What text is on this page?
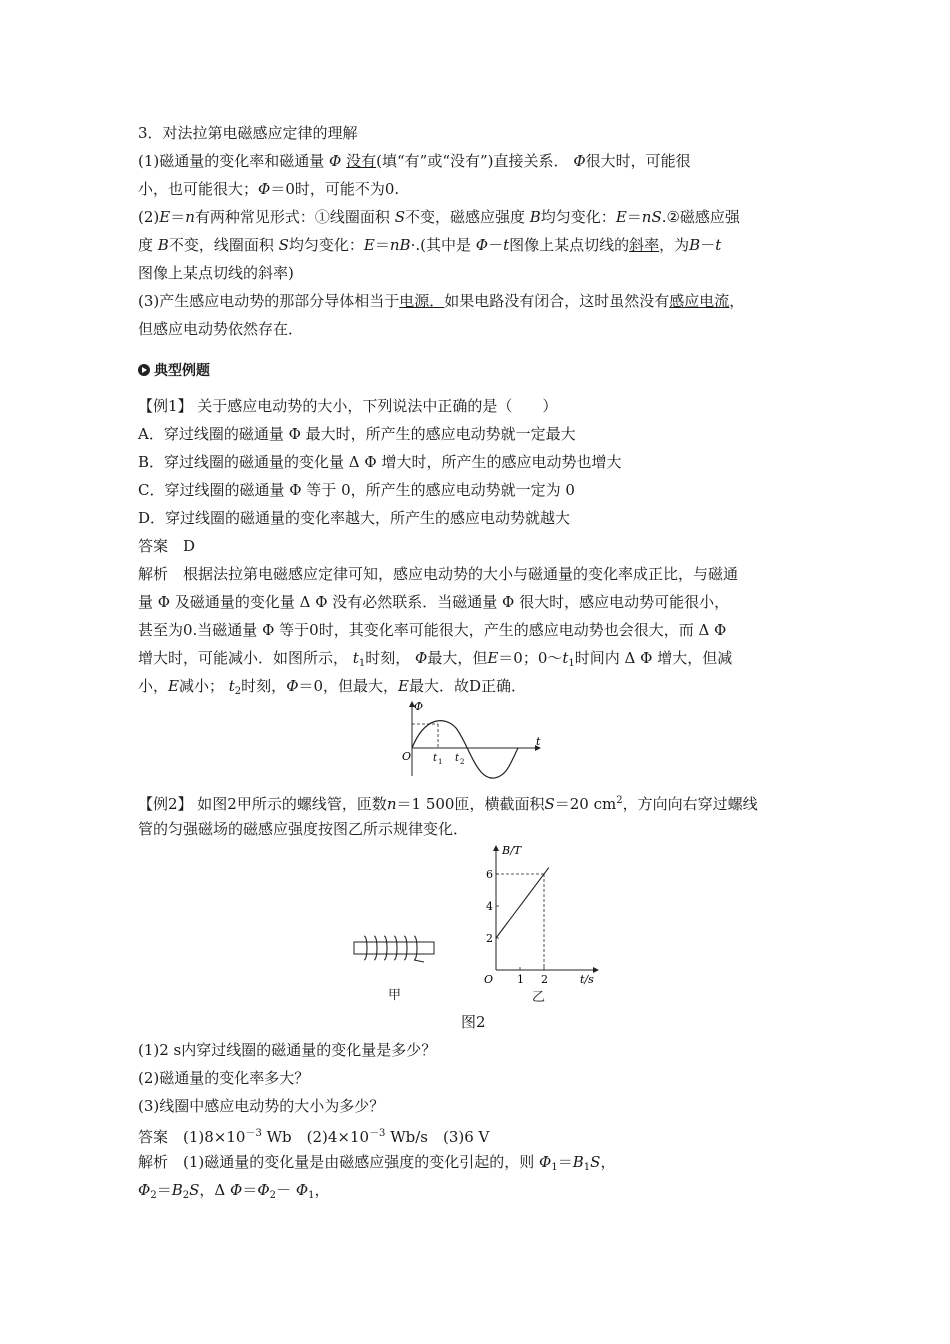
3．对法拉第电磁感应定律的理解
(1)磁通量的变化率和磁通量 Φ 没有(填“有”或“没有”)直接关系． Φ很大时，可能很
小，也可能很大；Φ＝0时，可能不为0.
(2)E＝n有两种常见形式：①线圈面积 S不变，磁感应强度 B均匀变化：E＝nS.②磁感应强
度 B不变，线圈面积 S均匀变化：E＝nB·.(其中是 Φ－t图像上某点切线的斜率，为B－t
图像上某点切线的斜率)
(3)产生感应电动势的那部分导体相当于电源．如果电路没有闭合，这时虽然没有感应电流，
但感应电动势依然存在．
典型例题
【例1】 关于感应电动势的大小，下列说法中正确的是（　　）
A．穿过线圈的磁通量 Φ 最大时，所产生的感应电动势就一定最大
B．穿过线圈的磁通量的变化量 Δ Φ 增大时，所产生的感应电动势也增大
C．穿过线圈的磁通量 Φ 等于 0，所产生的感应电动势就一定为 0
D．穿过线圈的磁通量的变化率越大，所产生的感应电动势就越大
答案　D
解析　根据法拉第电磁感应定律可知，感应电动势的大小与磁通量的变化率成正比，与磁通
量 Φ 及磁通量的变化量 Δ Φ 没有必然联系．当磁通量 Φ 很大时，感应电动势可能很小，
甚至为0.当磁通量 Φ 等于0时，其变化率可能很大，产生的感应电动势也会很大，而 Δ Φ
增大时，可能减小．如图所示， $t_1$时刻， Φ最大，但E＝0；$0\sim t_1$时间内 Δ Φ 增大，但减
小，E减小； $t_2$时刻，Φ＝0，但最大，E最大．故D正确．
Φ
O
t
t 1 t 2
【例2】 如图2甲所示的螺线管，匝数n＝1 500匝，横截面积S＝20 $cm^2$，方向向右穿过螺线
管的匀强磁场的磁感应强度按图乙所示规律变化．
甲
2
4
6
1 2
B/T
t/s
O
乙
图2
(1)2 s内穿过线圈的磁通量的变化量是多少？
(2)磁通量的变化率多大？
(3)线圈中感应电动势的大小为多少？
答案　$(1)8\times 10^{-3}$ Wb　$(2)4\times 10^{-3}$ Wb/s　(3)6 V
解析　(1)磁通量的变化量是由磁感应强度的变化引起的，则 $\Phi_1=B_1S$，
$\Phi_2=B_2S$，Δ $\Phi=\Phi_2- \Phi_1$，
